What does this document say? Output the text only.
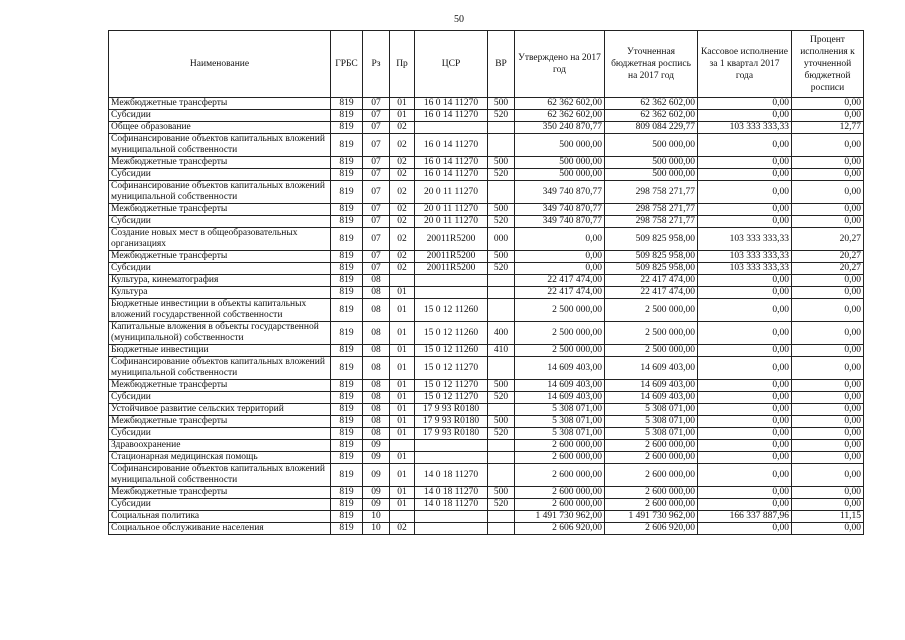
50
Наименование	ГРБС	Рз	Пр	ЦСР	ВР	Утверждено на 2017 год	Уточненная бюджетная роспись на 2017 год	Кассовое исполнение за 1 квартал 2017 года	Процент исполнения к уточненной бюджетной росписи
Межбюджетные трансферты	819	07	01	16 0 14 11270	500	62 362 602,00	62 362 602,00	0,00	0,00
Субсидии	819	07	01	16 0 14 11270	520	62 362 602,00	62 362 602,00	0,00	0,00
Общее образование	819	07	02			350 240 870,77	809 084 229,77	103 333 333,33	12,77
Софинансирование объектов капитальных вложений муниципальной собственности	819	07	02	16 0 14 11270		500 000,00	500 000,00	0,00	0,00
Межбюджетные трансферты	819	07	02	16 0 14 11270	500	500 000,00	500 000,00	0,00	0,00
Субсидии	819	07	02	16 0 14 11270	520	500 000,00	500 000,00	0,00	0,00
Софинансирование объектов капитальных вложений муниципальной собственности	819	07	02	20 0 11 11270		349 740 870,77	298 758 271,77	0,00	0,00
Межбюджетные трансферты	819	07	02	20 0 11 11270	500	349 740 870,77	298 758 271,77	0,00	0,00
Субсидии	819	07	02	20 0 11 11270	520	349 740 870,77	298 758 271,77	0,00	0,00
Создание новых мест в общеобразовательных организациях	819	07	02	20011R5200	000	0,00	509 825 958,00	103 333 333,33	20,27
Межбюджетные трансферты	819	07	02	20011R5200	500	0,00	509 825 958,00	103 333 333,33	20,27
Субсидии	819	07	02	20011R5200	520	0,00	509 825 958,00	103 333 333,33	20,27
Культура, кинематография	819	08				22 417 474,00	22 417 474,00	0,00	0,00
Культура	819	08	01			22 417 474,00	22 417 474,00	0,00	0,00
Бюджетные инвестиции в объекты капитальных вложений государственной собственности	819	08	01	15 0 12 11260		2 500 000,00	2 500 000,00	0,00	0,00
Капитальные вложения в объекты государственной (муниципальной) собственности	819	08	01	15 0 12 11260	400	2 500 000,00	2 500 000,00	0,00	0,00
Бюджетные инвестиции	819	08	01	15 0 12 11260	410	2 500 000,00	2 500 000,00	0,00	0,00
Софинансирование объектов капитальных вложений муниципальной собственности	819	08	01	15 0 12 11270		14 609 403,00	14 609 403,00	0,00	0,00
Межбюджетные трансферты	819	08	01	15 0 12 11270	500	14 609 403,00	14 609 403,00	0,00	0,00
Субсидии	819	08	01	15 0 12 11270	520	14 609 403,00	14 609 403,00	0,00	0,00
Устойчивое развитие сельских территорий	819	08	01	17 9 93 R0180		5 308 071,00	5 308 071,00	0,00	0,00
Межбюджетные трансферты	819	08	01	17 9 93 R0180	500	5 308 071,00	5 308 071,00	0,00	0,00
Субсидии	819	08	01	17 9 93 R0180	520	5 308 071,00	5 308 071,00	0,00	0,00
Здравоохранение	819	09				2 600 000,00	2 600 000,00	0,00	0,00
Стационарная медицинская помощь	819	09	01			2 600 000,00	2 600 000,00	0,00	0,00
Софинансирование объектов капитальных вложений муниципальной собственности	819	09	01	14 0 18 11270		2 600 000,00	2 600 000,00	0,00	0,00
Межбюджетные трансферты	819	09	01	14 0 18 11270	500	2 600 000,00	2 600 000,00	0,00	0,00
Субсидии	819	09	01	14 0 18 11270	520	2 600 000,00	2 600 000,00	0,00	0,00
Социальная политика	819	10				1 491 730 962,00	1 491 730 962,00	166 337 887,96	11,15
Социальное обслуживание населения	819	10	02			2 606 920,00	2 606 920,00	0,00	0,00
